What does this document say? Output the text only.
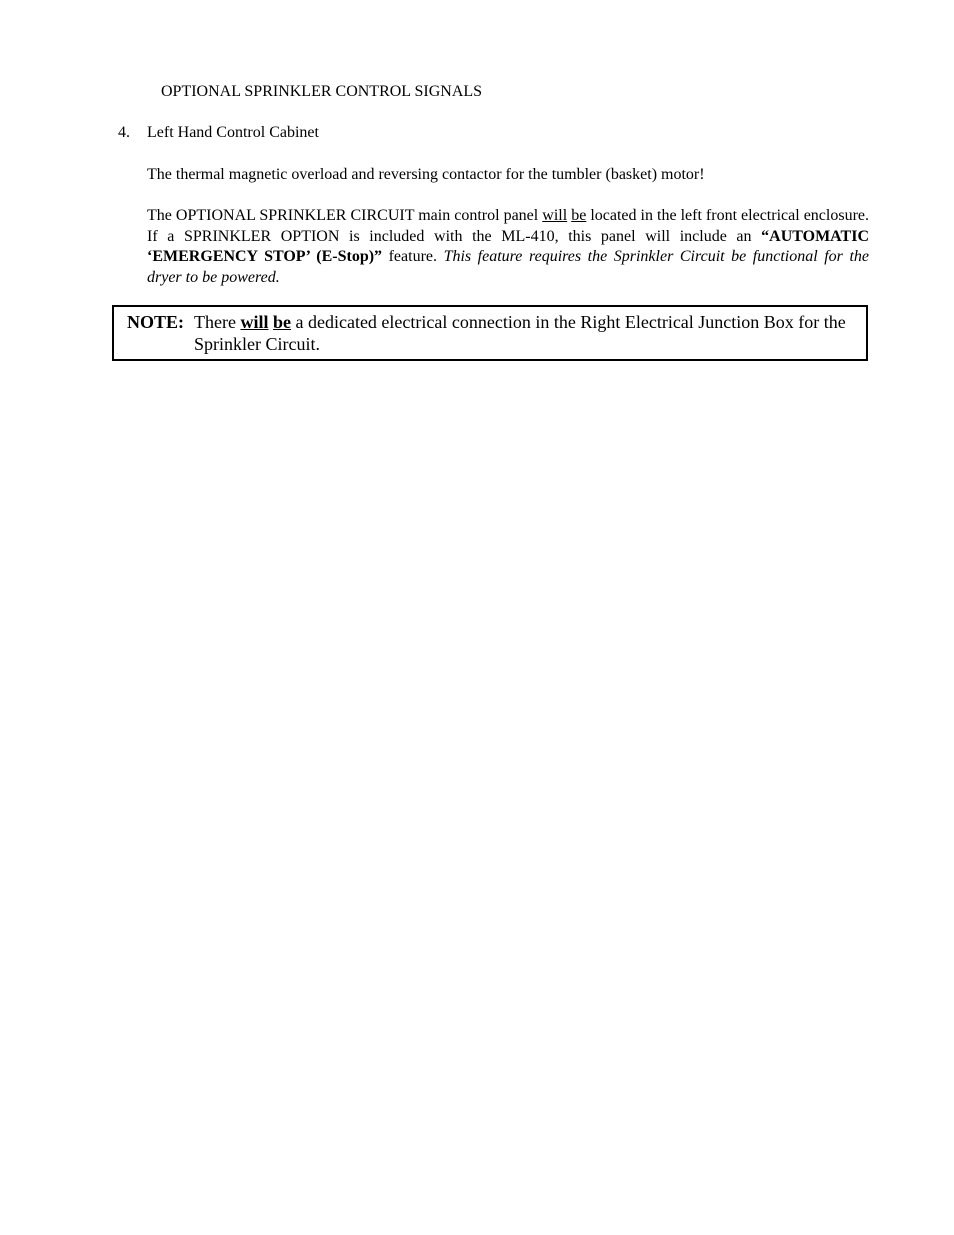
OPTIONAL SPRINKLER CONTROL SIGNALS
4. Left Hand Control Cabinet
The thermal magnetic overload and reversing contactor for the tumbler (basket) motor!
The OPTIONAL SPRINKLER CIRCUIT main control panel will be located in the left front electrical enclosure. If a SPRINKLER OPTION is included with the ML-410, this panel will include an “AUTOMATIC ‘EMERGENCY STOP’ (E-Stop)” feature. This feature requires the Sprinkler Circuit be functional for the dryer to be powered.
NOTE: There will be a dedicated electrical connection in the Right Electrical Junction Box for the Sprinkler Circuit.
